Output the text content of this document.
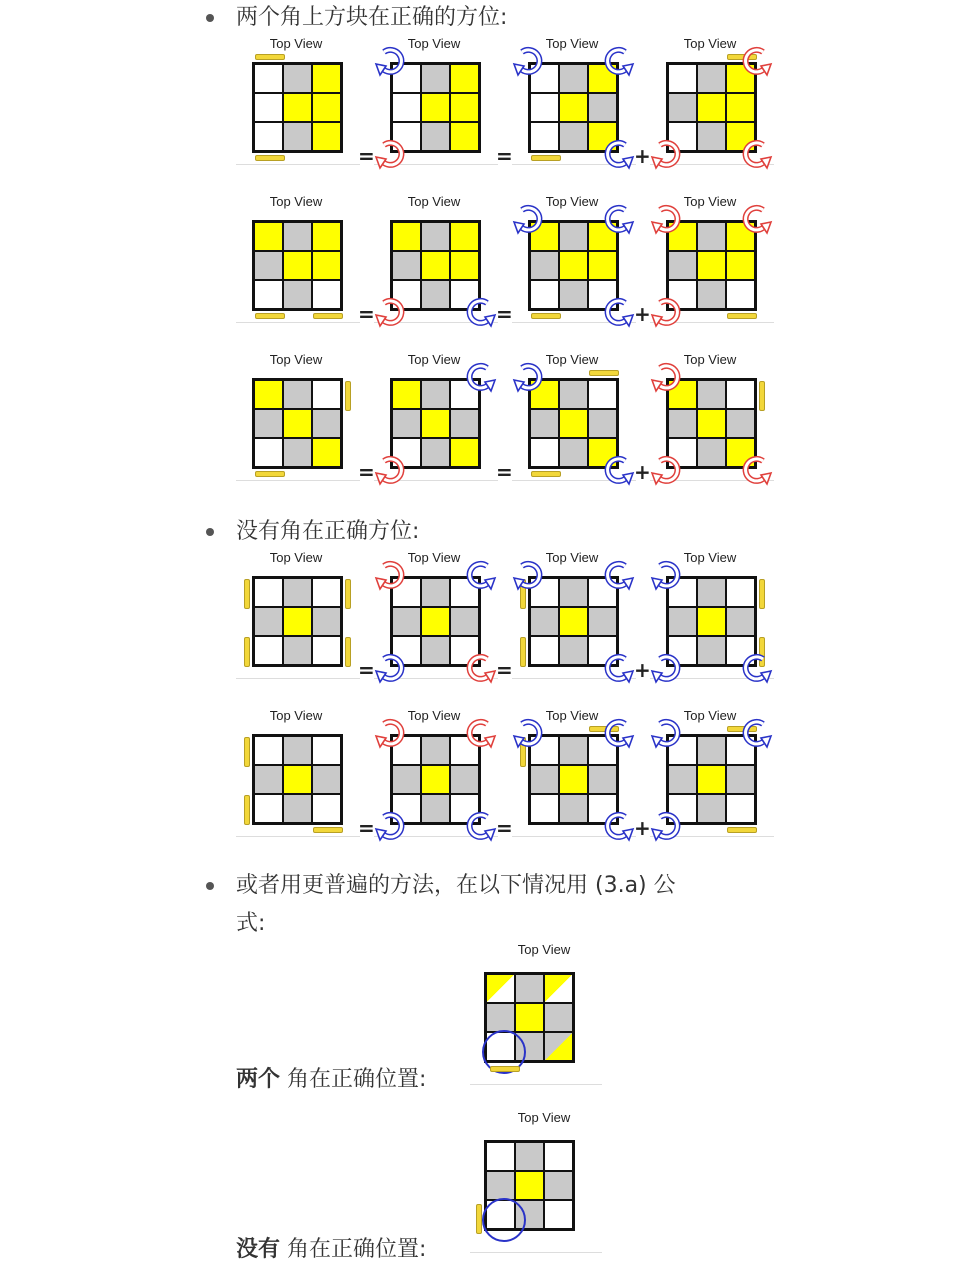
两个角上方块在正确的方位:
没有角在正确方位:
或者用更普遍的方法，在以下情况用 (3.a) 公
式:
Top View	Top View	Top View	Top View
=	=	+
Top View	Top View	Top View	Top View
=	=	+
Top View	Top View	Top View	Top View
=	=	+
Top View	Top View	Top View	Top View
=	=	+
Top View	Top View	Top View	Top View
=	=	+
两个 角在正确位置:
没有 角在正确位置:
Top View
Top View
